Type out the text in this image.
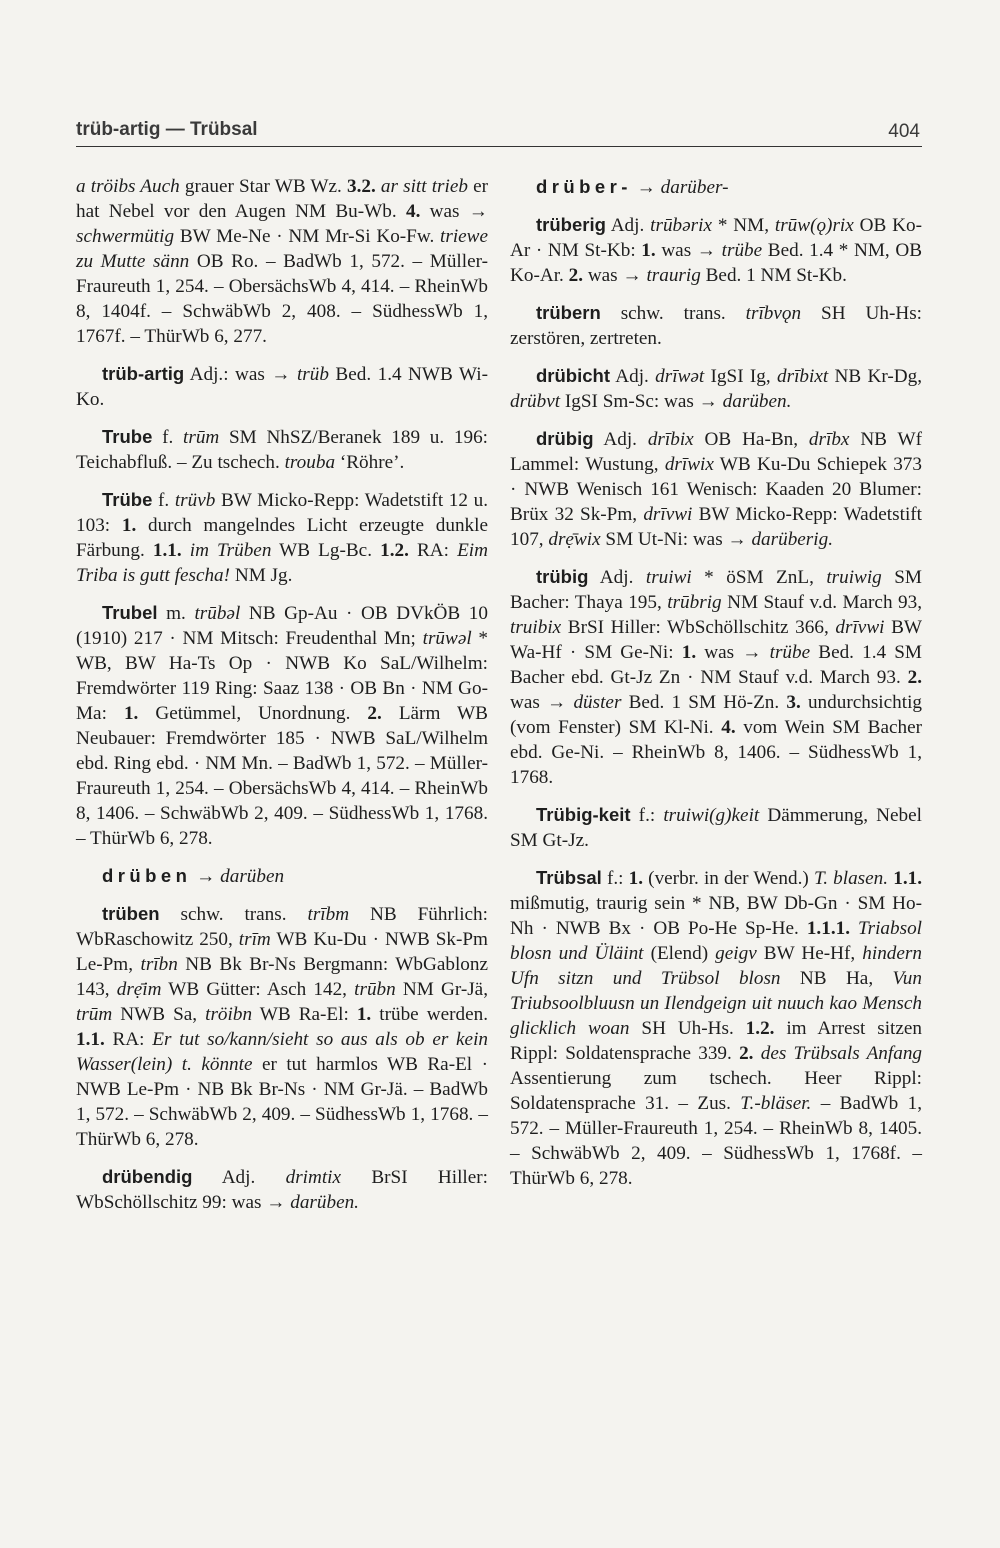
trüb-artig — Trübsal	404

a tröibs Auch grauer Star WB Wz. 3.2. ar sitt trieb er hat Nebel vor den Augen NM Bu-Wb. 4. was → schwermütig BW Me-Ne · NM Mr-Si Ko-Fw. triewe zu Mutte sänn OB Ro. – BadWb 1, 572. – Müller-Fraureuth 1, 254. – ObersächsWb 4, 414. – RheinWb 8, 1404f. – SchwäbWb 2, 408. – SüdhessWb 1, 1767f. – ThürWb 6, 277.

trüb-artig Adj.: was → trüb Bed. 1.4 NWB Wi-Ko.

Trube f. trūm SM NhSZ/Beranek 189 u. 196: Teichabfluß. – Zu tschech. trouba ‘Röhre’.

Trübe f. trüvb BW Micko-Repp: Wadetstift 12 u. 103: 1. durch mangelndes Licht erzeugte dunkle Färbung. 1.1. im Trüben WB Lg-Bc. 1.2. RA: Eim Triba is gutt fescha! NM Jg.

Trubel m. trūbəl NB Gp-Au · OB DVkÖB 10 (1910) 217 · NM Mitsch: Freudenthal Mn; trūwəl * WB, BW Ha-Ts Op · NWB Ko SaL/Wilhelm: Fremdwörter 119 Ring: Saaz 138 · OB Bn · NM Go-Ma: 1. Getümmel, Unordnung. 2. Lärm WB Neubauer: Fremdwörter 185 · NWB SaL/Wilhelm ebd. Ring ebd. · NM Mn. – BadWb 1, 572. – Müller-Fraureuth 1, 254. – ObersächsWb 4, 414. – RheinWb 8, 1406. – SchwäbWb 2, 409. – SüdhessWb 1, 1768. – ThürWb 6, 278.

drüben → darüben

trüben schw. trans. trībm NB Führlich: WbRaschowitz 250, trīm WB Ku-Du · NWB Sk-Pm Le-Pm, trībn NB Bk Br-Ns Bergmann: WbGablonz 143, drẹ̄im WB Gütter: Asch 142, trūbn NM Gr-Jä, trūm NWB Sa, tröibn WB Ra-El: 1. trübe werden. 1.1. RA: Er tut so/kann/sieht so aus als ob er kein Wasser(lein) t. könnte er tut harmlos WB Ra-El · NWB Le-Pm · NB Bk Br-Ns · NM Gr-Jä. – BadWb 1, 572. – SchwäbWb 2, 409. – SüdhessWb 1, 1768. – ThürWb 6, 278.

drübendig Adj. drimtix BrSI Hiller: WbSchöllschitz 99: was → darüben.

drüber- → darüber-

trüberig Adj. trūbərix * NM, trūw(ǫ)rix OB Ko-Ar · NM St-Kb: 1. was → trübe Bed. 1.4 * NM, OB Ko-Ar. 2. was → traurig Bed. 1 NM St-Kb.

trübern schw. trans. trībvǫn SH Uh-Hs: zerstören, zertreten.

drübicht Adj. drīwət IgSI Ig, drībixt NB Kr-Dg, drübvt IgSI Sm-Sc: was → darüben.

drübig Adj. drībix OB Ha-Bn, drībx NB Wf Lammel: Wustung, drīwix WB Ku-Du Schiepek 373 · NWB Wenisch 161 Wenisch: Kaaden 20 Blumer: Brüx 32 Sk-Pm, drīvwi BW Micko-Repp: Wadetstift 107, drẹ̄wix SM Ut-Ni: was → darüberig.

trübig Adj. truiwi * öSM ZnL, truiwig SM Bacher: Thaya 195, trūbrig NM Stauf v.d. March 93, truibix BrSI Hiller: WbSchöllschitz 366, drīvwi BW Wa-Hf · SM Ge-Ni: 1. was → trübe Bed. 1.4 SM Bacher ebd. Gt-Jz Zn · NM Stauf v.d. March 93. 2. was → düster Bed. 1 SM Hö-Zn. 3. undurchsichtig (vom Fenster) SM Kl-Ni. 4. vom Wein SM Bacher ebd. Ge-Ni. – RheinWb 8, 1406. – SüdhessWb 1, 1768.

Trübig-keit f.: truiwi(g)keit Dämmerung, Nebel SM Gt-Jz.

Trübsal f.: 1. (verbr. in der Wend.) T. blasen. 1.1. mißmutig, traurig sein * NB, BW Db-Gn · SM Ho-Nh · NWB Bx · OB Po-He Sp-He. 1.1.1. Triabsol blosn und Üläint (Elend) geigv BW He-Hf, hindern Ufn sitzn und Trübsol blosn NB Ha, Vun Triubsoolbluusn un Ilendgeign uit nuuch kao Mensch glicklich woan SH Uh-Hs. 1.2. im Arrest sitzen Rippl: Soldatensprache 339. 2. des Trübsals Anfang Assentierung zum tschech. Heer Rippl: Soldatensprache 31. – Zus. T.-bläser. – BadWb 1, 572. – Müller-Fraureuth 1, 254. – RheinWb 8, 1405. – SchwäbWb 2, 409. – SüdhessWb 1, 1768f. – ThürWb 6, 278.
